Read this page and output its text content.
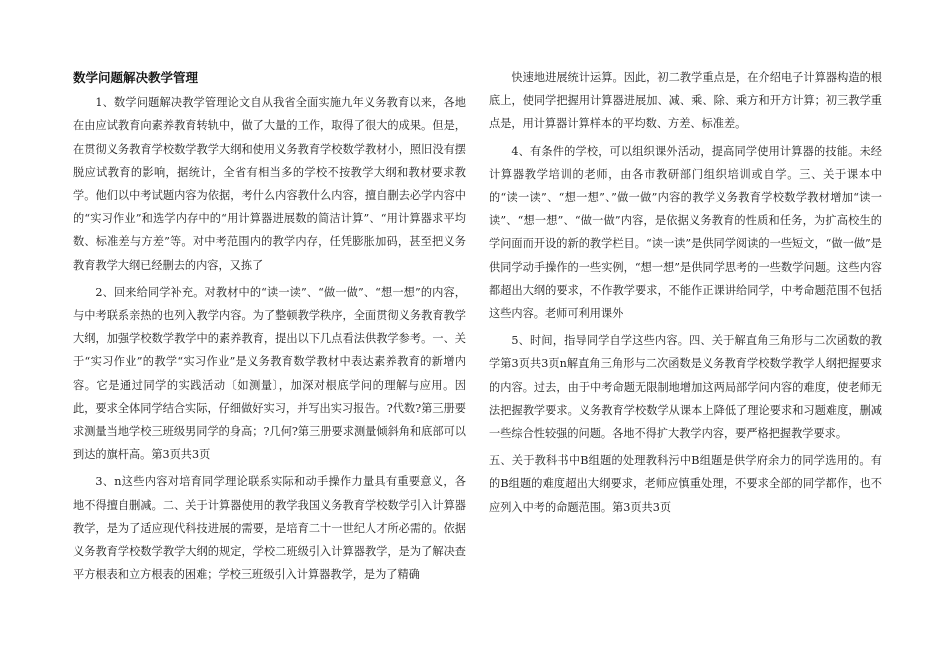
数学问题解决教学管理

1、数学问题解决教学管理论文自从我省全面实施九年义务教育以来，各地在由应试教育向素养教育转轨中，做了大量的工作，取得了很大的成果。但是，在贯彻义务教育学校数学教学大纲和使用义务教育学校数学教材小，照旧没有摆脱应试教育的影响，据统计，全省有相当多的学校不按教学大纲和教材要求教学。他们以中考试题内容为依据，考什么内容教什么内容，擅自删去必学内容中的“实习作业”和选学内存中的“用计算器进展数的简洁计算”、“用计算器求平均数、标准差与方差”等。对中考范围内的教学内存，任凭膨胀加码，甚至把义务教育教学大纲已经删去的内容，又拣了

2、回来给同学补充。对教材中的“读一读”、“做一做”、“想一想”的内容，与中考联系亲热的也列入教学内容。为了整顿教学秩序，全面贯彻义务教育教学大纲，加强学校数学教学中的素养教育，提出以下几点看法供教学参考。一、关于“实习作业”的教学“实习作业”是义务教育数学教材中表达素养教育的新增内容。它是通过同学的实践活动〔如测量〕，加深对根底学问的理解与应用。因此，要求全体同学结合实际，仔细做好实习，并写出实习报告。?代数?第三册要求测量当地学校三班级男同学的身高；?几何?第三册要求测量倾斜角和底部可以到达的旗杆高。第3页共3页

3、n这些内容对培育同学理论联系实际和动手操作力量具有重要意义，各地不得擅自删减。二、关于计算器使用的教学我国义务教育学校数学引入计算器教学，是为了适应现代科技进展的需要，是培育二十一世纪人才所必需的。依据义务教育学校数学教学大纲的规定，学校二班级引入计算器教学，是为了解决查平方根表和立方根表的困难；学校三班级引入计算器教学，是为了精确

快速地进展统计运算。因此，初二教学重点是，在介绍电子计算器构造的根底上，使同学把握用计算器进展加、减、乘、除、乘方和开方计算；初三教学重点是，用计算器计算样本的平均数、方差、标准差。

4、有条件的学校，可以组织课外活动，提高同学使用计算器的技能。未经计算器教学培训的老师，由各市教研部门组织培训或自学。三、关于课本中的“读一读”、“想一想”、”做一做”内容的教学义务教育学校数学教材增加“读一读”、“想一想”、“做一做”内容，是依据义务教育的性质和任务，为扩高校生的学问面而开设的新的教学栏目。“读一读”是供同学阅读的一些短文，“做一做”是供同学动手操作的一些实例，“想一想”是供同学思考的一些数学问题。这些内容都超出大纲的要求，不作教学要求，不能作正课讲给同学，中考命题范围不包括这些内容。老师可利用课外

5、时间，指导同学自学这些内容。四、关于解直角三角形与二次函数的教学第3页共3页n解直角三角形与二次函数是义务教育学校数学教学人纲把握要求的内容。过去，由于中考命题无限制地增加这两局部学问内容的难度，使老师无法把握教学要求。义务教育学校数学从课本上降低了理论要求和习题难度，删减一些综合性较强的问题。各地不得扩大教学内容，要严格把握教学要求。

五、关于教科书中B组题的处理教科污中B组题是供学府余力的同学选用的。有的B组题的难度超出大纲要求，老师应慎重处理，不要求全部的同学都作，也不应列入中考的命题范围。第3页共3页
